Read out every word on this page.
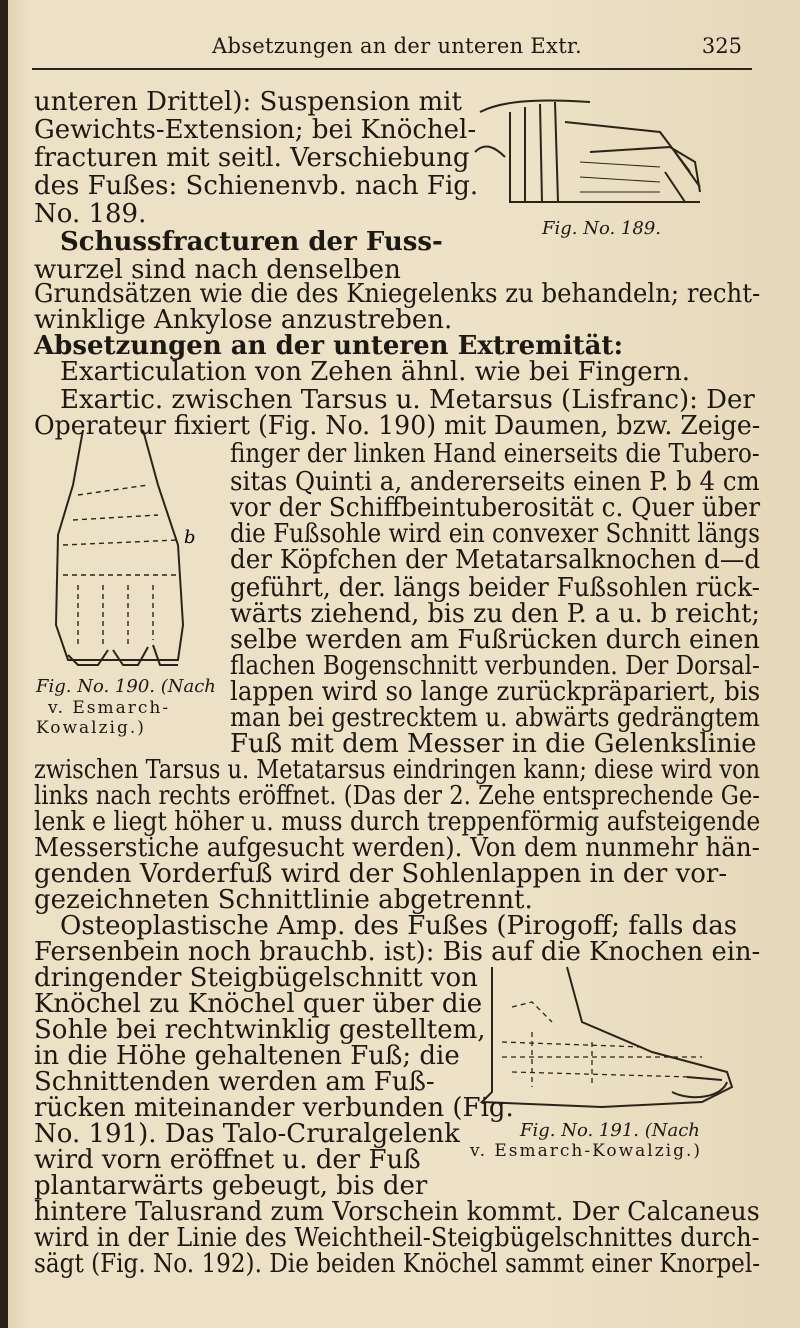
Absetzungen an der unteren Extr.	325
Fig. No. 189.
b
Fig. No. 190. (Nach
v. Esmarch-
Kowalzig.)
Fig. No. 191. (Nach
v. Esmarch-Kowalzig.)
unteren Drittel): Suspension mit
Gewichts-Extension; bei Knöchel-
fracturen mit seitl. Verschiebung
des Fußes: Schienenvb. nach Fig.
No. 189.
Schussfracturen der Fuss-
wurzel sind nach denselben
Grundsätzen wie die des Kniegelenks zu behandeln; recht-
winklige Ankylose anzustreben.
Absetzungen an der unteren Extremität:
Exarticulation von Zehen ähnl. wie bei Fingern.
Exartic. zwischen Tarsus u. Metarsus (Lisfranc): Der
Operateur fixiert (Fig. No. 190) mit Daumen, bzw. Zeige-
finger der linken Hand einerseits die Tubero-
sitas Quinti a, andererseits einen P. b 4 cm
vor der Schiffbeintuberosität c. Quer über
die Fußsohle wird ein convexer Schnitt längs
der Köpfchen der Metatarsalknochen d—d
geführt, der. längs beider Fußsohlen rück-
wärts ziehend, bis zu den P. a u. b reicht;
selbe werden am Fußrücken durch einen
flachen Bogenschnitt verbunden. Der Dorsal-
lappen wird so lange zurückpräpariert, bis
man bei gestrecktem u. abwärts gedrängtem
Fuß mit dem Messer in die Gelenkslinie
zwischen Tarsus u. Metatarsus eindringen kann; diese wird von
links nach rechts eröffnet. (Das der 2. Zehe entsprechende Ge-
lenk e liegt höher u. muss durch treppenförmig aufsteigende
Messerstiche aufgesucht werden). Von dem nunmehr hän-
genden Vorderfuß wird der Sohlenlappen in der vor-
gezeichneten Schnittlinie abgetrennt.
Osteoplastische Amp. des Fußes (Pirogoff; falls das
Fersenbein noch brauchb. ist): Bis auf die Knochen ein-
dringender Steigbügelschnitt von
Knöchel zu Knöchel quer über die
Sohle bei rechtwinklig gestelltem,
in die Höhe gehaltenen Fuß; die
Schnittenden werden am Fuß-
rücken miteinander verbunden (Fig.
No. 191). Das Talo-Cruralgelenk
wird vorn eröffnet u. der Fuß
plantarwärts gebeugt, bis der
hintere Talusrand zum Vorschein kommt. Der Calcaneus
wird in der Linie des Weichtheil-Steigbügelschnittes durch-
sägt (Fig. No. 192). Die beiden Knöchel sammt einer Knorpel-
